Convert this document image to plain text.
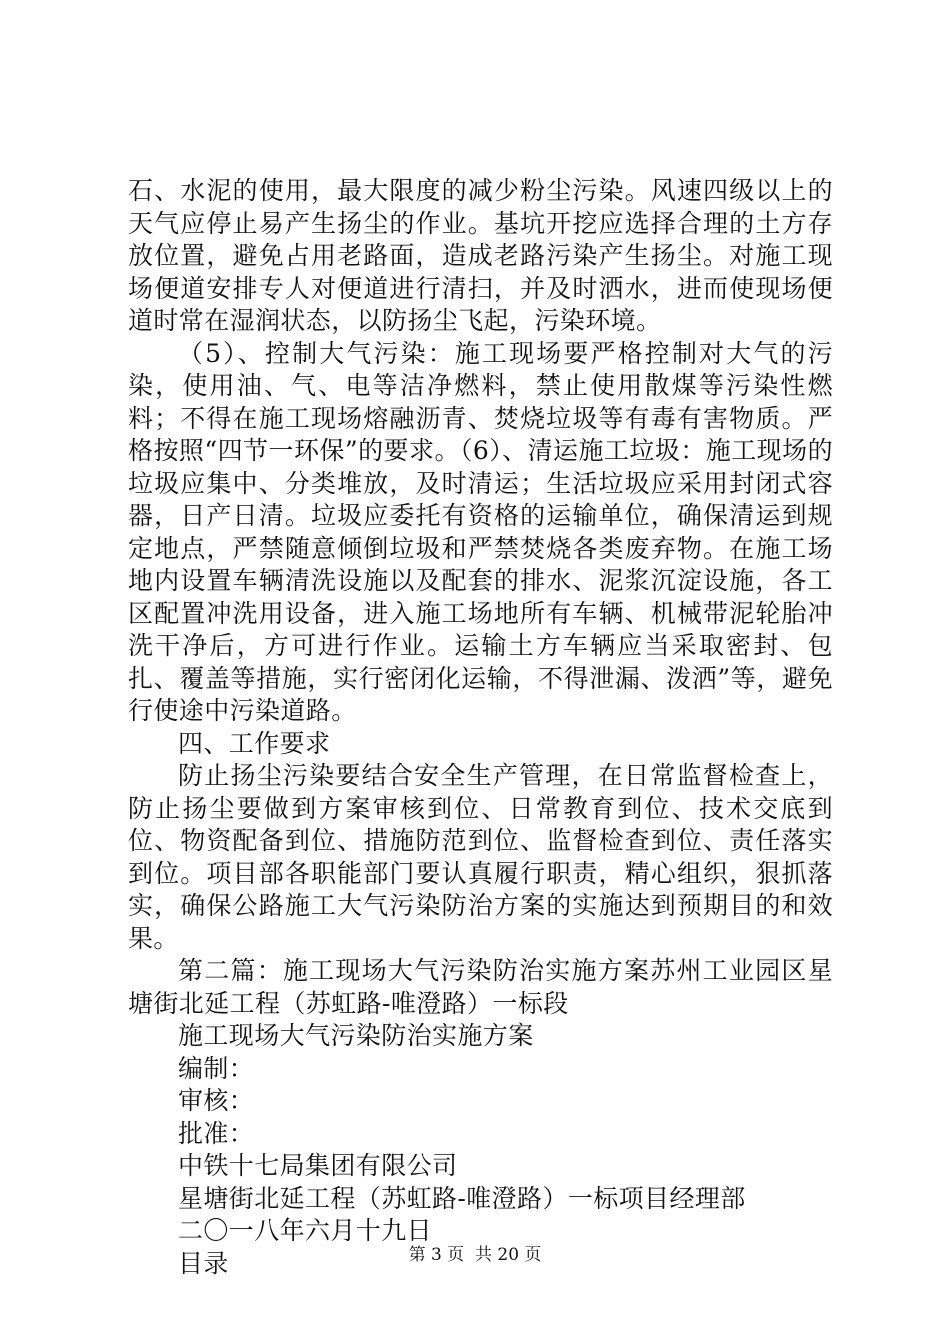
石、水泥的使用，最大限度的减少粉尘污染。风速四级以上的天气应停止易产生扬尘的作业。基坑开挖应选择合理的土方存放位置，避免占用老路面，造成老路污染产生扬尘。对施工现场便道安排专人对便道进行清扫，并及时洒水，进而使现场便道时常在湿润状态，以防扬尘飞起，污染环境。

（5）、控制大气污染：施工现场要严格控制对大气的污染，使用油、气、电等洁净燃料，禁止使用散煤等污染性燃料；不得在施工现场熔融沥青、焚烧垃圾等有毒有害物质。严格按照“四节一环保”的要求。（6）、清运施工垃圾：施工现场的垃圾应集中、分类堆放，及时清运；生活垃圾应采用封闭式容器，日产日清。垃圾应委托有资格的运输单位，确保清运到规定地点，严禁随意倾倒垃圾和严禁焚烧各类废弃物。在施工场地内设置车辆清洗设施以及配套的排水、泥浆沉淀设施，各工区配置冲洗用设备，进入施工场地所有车辆、机械带泥轮胎冲洗干净后，方可进行作业。运输土方车辆应当采取密封、包扎、覆盖等措施，实行密闭化运输，不得泄漏、泼洒”等，避免行使途中污染道路。

四、工作要求

防止扬尘污染要结合安全生产管理，在日常监督检查上，防止扬尘要做到方案审核到位、日常教育到位、技术交底到位、物资配备到位、措施防范到位、监督检查到位、责任落实到位。项目部各职能部门要认真履行职责，精心组织，狠抓落实，确保公路施工大气污染防治方案的实施达到预期目的和效果。

第二篇：施工现场大气污染防治实施方案苏州工业园区星塘街北延工程（苏虹路-唯澄路）一标段

施工现场大气污染防治实施方案

编制：

审核：

批准：

中铁十七局集团有限公司

星塘街北延工程（苏虹路-唯澄路）一标项目经理部

二〇一八年六月十九日

目录	第 3 页  共 20 页
